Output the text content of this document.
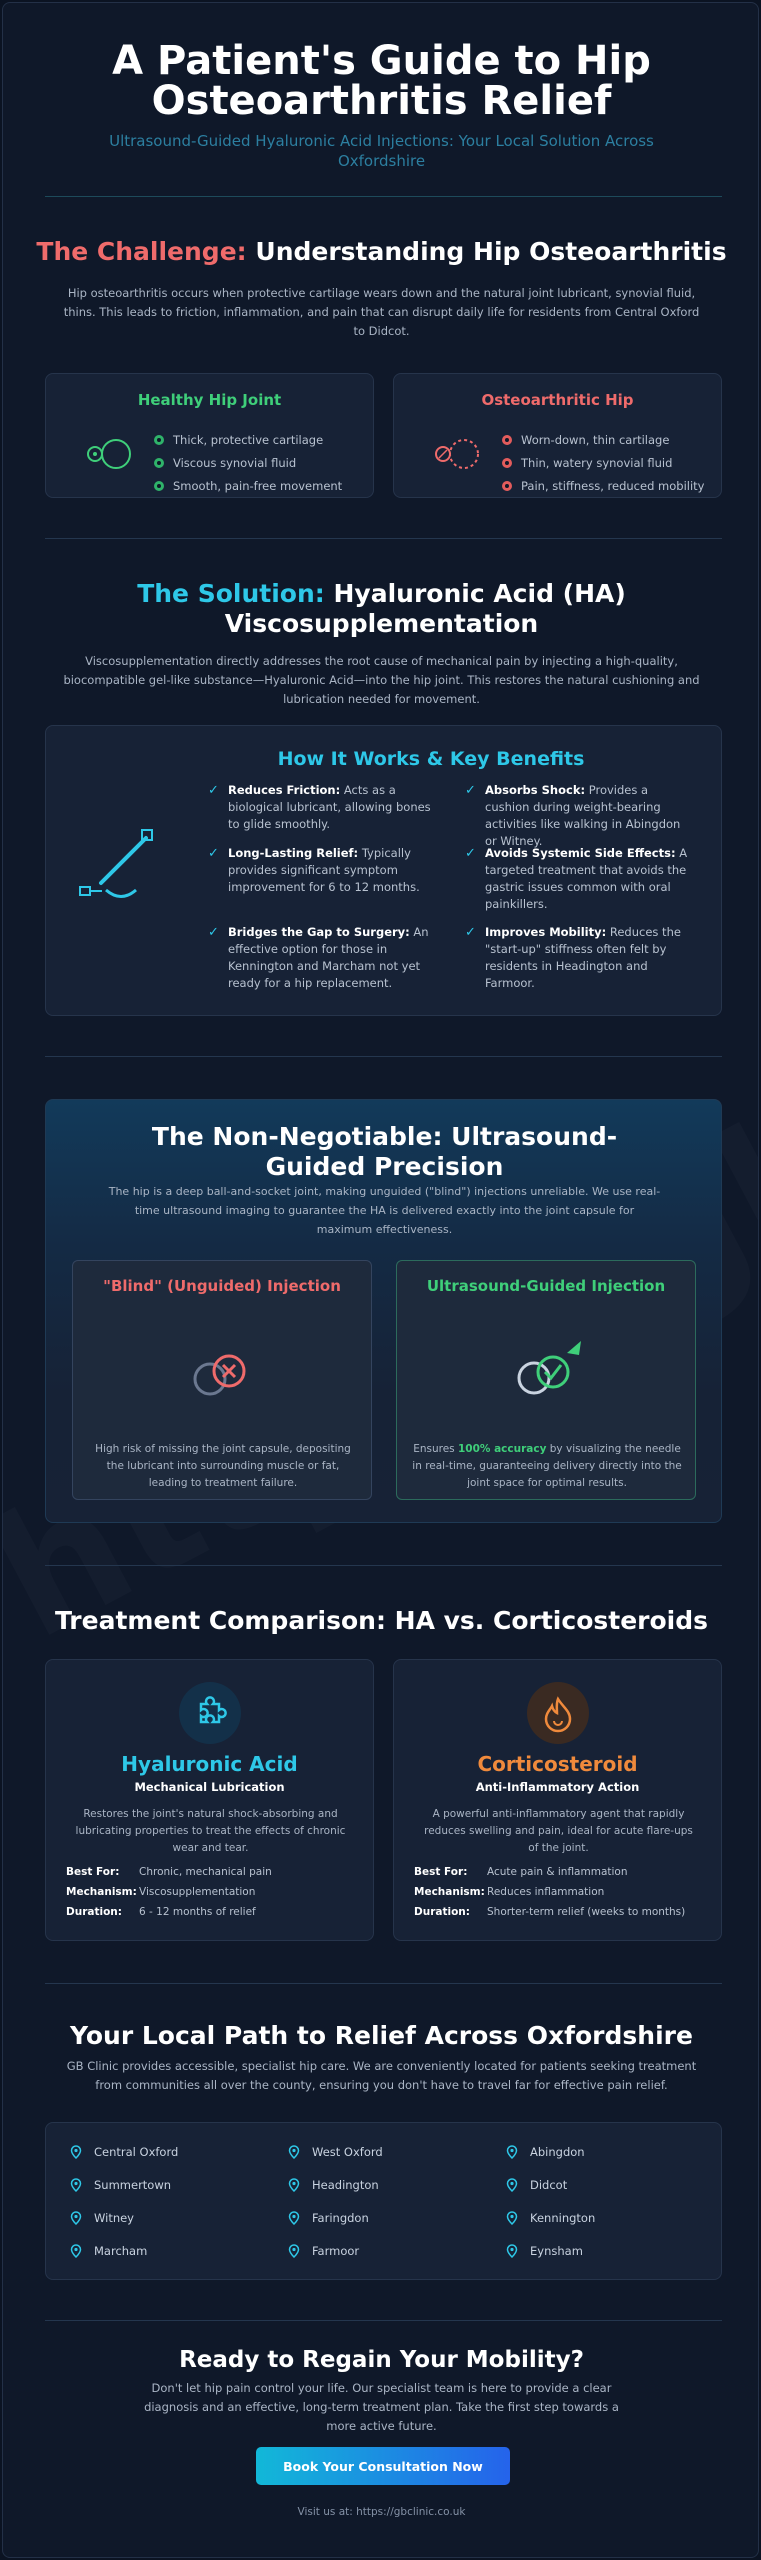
A Patient's Guide to Hip Osteoarthritis Relief

Ultrasound-Guided Hyaluronic Acid Injections: Your Local Solution Across Oxfordshire

The Challenge: Understanding Hip Osteoarthritis

Hip osteoarthritis occurs when protective cartilage wears down and the natural joint lubricant, synovial fluid, thins. This leads to friction, inflammation, and pain that can disrupt daily life for residents from Central Oxford to Didcot.

Healthy Hip Joint
Thick, protective cartilage
Viscous synovial fluid
Smooth, pain-free movement
Osteoarthritic Hip
Worn-down, thin cartilage
Thin, watery synovial fluid
Pain, stiffness, reduced mobility
The Solution: Hyaluronic Acid (HA) Viscosupplementation

Viscosupplementation directly addresses the root cause of mechanical pain by injecting a high-quality, biocompatible gel-like substance—Hyaluronic Acid—into the hip joint. This restores the natural cushioning and lubrication needed for movement.

How It Works & Key Benefits
✓ Reduces Friction: Acts as a biological lubricant, allowing bones to glide smoothly.
✓ Absorbs Shock: Provides a cushion during weight-bearing activities like walking in Abingdon or Witney.
✓ Long-Lasting Relief: Typically provides significant symptom improvement for 6 to 12 months.
✓ Avoids Systemic Side Effects: A targeted treatment that avoids the gastric issues common with oral painkillers.
✓ Bridges the Gap to Surgery: An effective option for those in Kennington and Marcham not yet ready for a hip replacement.
✓ Improves Mobility: Reduces the "start-up" stiffness often felt by residents in Headington and Farmoor.
The Non-Negotiable: Ultrasound-Guided Precision

The hip is a deep ball-and-socket joint, making unguided ("blind") injections unreliable. We use real-time ultrasound imaging to guarantee the HA is delivered exactly into the joint capsule for maximum effectiveness.

"Blind" (Unguided) Injection

High risk of missing the joint capsule, depositing the lubricant into surrounding muscle or fat, leading to treatment failure.

Ultrasound-Guided Injection

Ensures 100% accuracy by visualizing the needle in real-time, guaranteeing delivery directly into the joint space for optimal results.

Treatment Comparison: HA vs. Corticosteroids
Hyaluronic Acid
Mechanical Lubrication

Restores the joint's natural shock-absorbing and lubricating properties to treat the effects of chronic wear and tear.

Best For: Chronic, mechanical pain
Mechanism: Viscosupplementation
Duration: 6 - 12 months of relief
Corticosteroid
Anti-Inflammatory Action

A powerful anti-inflammatory agent that rapidly reduces swelling and pain, ideal for acute flare-ups of the joint.

Best For: Acute pain & inflammation
Mechanism: Reduces inflammation
Duration: Shorter-term relief (weeks to months)
Your Local Path to Relief Across Oxfordshire

GB Clinic provides accessible, specialist hip care. We are conveniently located for patients seeking treatment from communities all over the county, ensuring you don't have to travel far for effective pain relief.

Central Oxford	West Oxford	Abingdon
Summertown	Headington	Didcot
Witney	Faringdon	Kennington
Marcham	Farmoor	Eynsham
Ready to Regain Your Mobility?

Don't let hip pain control your life. Our specialist team is here to provide a clear diagnosis and an effective, long-term treatment plan. Take the first step towards a more active future.

Book Your Consultation Now
Visit us at: https://gbclinic.co.uk
